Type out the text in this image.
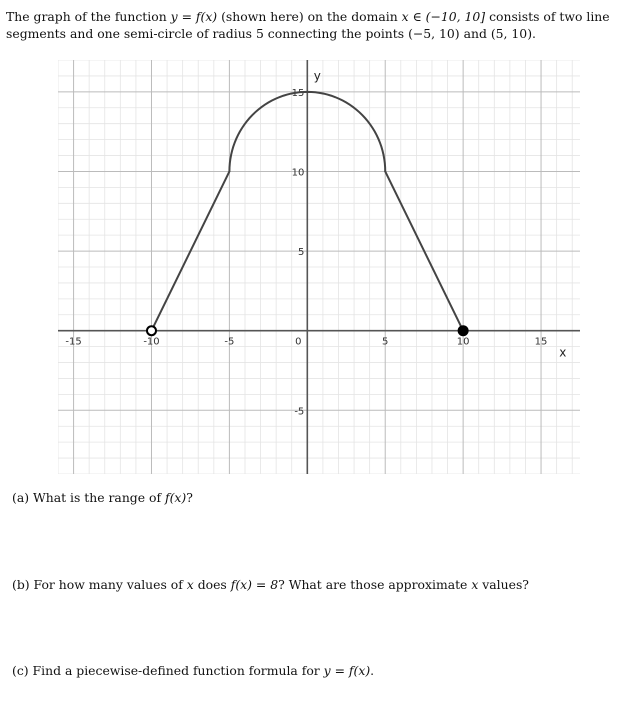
The graph of the function y = f(x) (shown here) on the domain x ∈ (−10, 10] consists of two line segments and one semi-circle of radius 5 connecting the points (−5, 10) and (5, 10).
-15	-10	-5	0	5	10	15
-5
5
10
15
x
y
(a) What is the range of f(x)?
(b) For how many values of x does f(x) = 8? What are those approximate x values?
(c) Find a piecewise-defined function formula for y = f(x).
